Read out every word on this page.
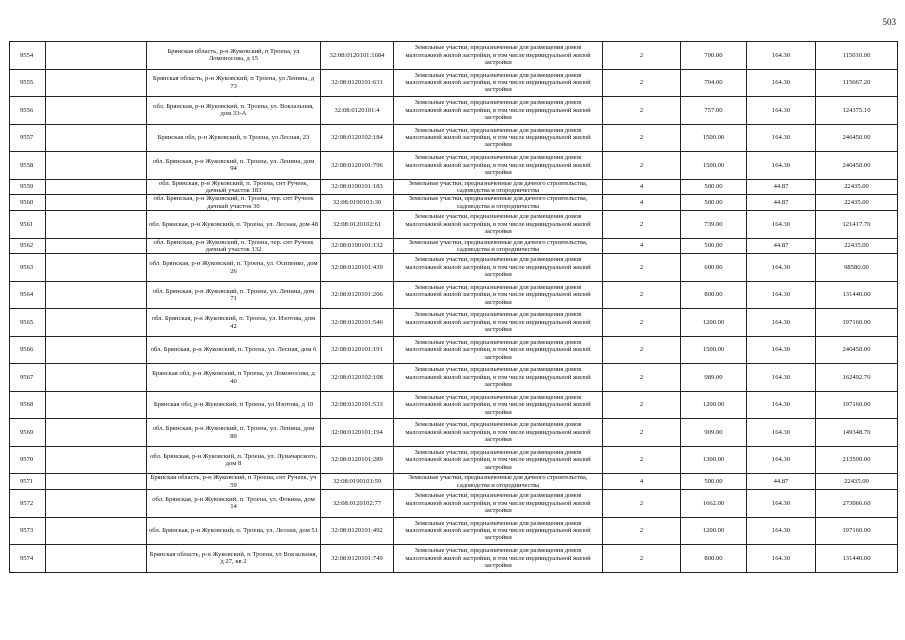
503
9554		Брянская область, р-н Жуковский, п Троена, ул Ломоносова, д 15	32:08:0120101:1684	Земельные участки, предназначенные для размещения домов малоэтажной жилой застройки, в том числе индивидуальной жилой застройки	2	700.00	164.30	115010.00
9555		Брянская область, р-н Жуковский, п Троена, ул Ленина, д 73	32:08:0120101:631	Земельные участки, предназначенные для размещения домов малоэтажной жилой застройки, в том числе индивидуальной жилой застройки	2	704.00	164.30	115667.20
9556		обл. Брянская, р-н Жуковский, п. Троена, ул. Вокзальная, дом 33-А	32:08:0120101:4	Земельные участки, предназначенные для размещения домов малоэтажной жилой застройки, в том числе индивидуальной жилой застройки	2	757.00	164.30	124375.10
9557		Брянская обл, р-н Жуковский, п Троена, ул Лесная, 23	32:08:0120102:184	Земельные участки, предназначенные для размещения домов малоэтажной жилой застройки, в том числе индивидуальной жилой застройки	2	1500.00	164.30	246450.00
9558		обл. Брянская, р-н Жуковский, п. Троена, ул. Ленина, дом 94	32:08:0120101:796	Земельные участки, предназначенные для размещения домов малоэтажной жилой застройки, в том числе индивидуальной жилой застройки	2	1500.00	164.30	246450.00
9559		обл. Брянская, р-н Жуковский, п. Троена, снт Ручеек, дачный участок 183	32:08:0190101:183	Земельные участки, предназначенные для дачного строительства, садоводства и огородничества	4	500.00	44.87	22435.00
9560		обл. Брянская, р-н Жуковский, п. Троена, тер. снт Ручеек дачный участок 30	32:08:0190101:30	Земельные участки, предназначенные для дачного строительства, садоводства и огородничества	4	500.00	44.87	22435.00
9561		обл. Брянская, р-н Жуковский, п. Троена, ул. Лесная, дом 48	32:08:0120102:61	Земельные участки, предназначенные для размещения домов малоэтажной жилой застройки, в том числе индивидуальной жилой застройки	2	739.00	164.30	121417.70
9562		обл. Брянская, р-н Жуковский, п. Троена, тер. снт Ручеек дачный участок 132	32:08:0190101:132	Земельные участки, предназначенные для дачного строительства, садоводства и огородничества	4	500.00	44.87	22435.00
9563		обл. Брянская, р-н Жуковский, п. Троена, ул. Осипенко, дом 26	32:08:0120101:439	Земельные участки, предназначенные для размещения домов малоэтажной жилой застройки, в том числе индивидуальной жилой застройки	2	600.00	164.30	98580.00
9564		обл. Брянская, р-н Жуковский, п. Троена, ул. Ленина, дом 71	32:08:0120101:206	Земельные участки, предназначенные для размещения домов малоэтажной жилой застройки, в том числе индивидуальной жилой застройки	2	800.00	164.30	131440.00
9565		обл. Брянская, р-н Жуковский, п. Троена, ул. Изотова, дом 42	32:08:0120101:546	Земельные участки, предназначенные для размещения домов малоэтажной жилой застройки, в том числе индивидуальной жилой застройки	2	1200.00	164.30	197160.00
9566		обл. Брянская, р-н Жуковский, п. Троена, ул. Лесная, дом 6	32:08:0120101:191	Земельные участки, предназначенные для размещения домов малоэтажной жилой застройки, в том числе индивидуальной жилой застройки	2	1500.00	164.30	246450.00
9567		Брянская обл, р-н Жуковский, п Троена, ул Ломоносова, д 40	32:08:0120102:108	Земельные участки, предназначенные для размещения домов малоэтажной жилой застройки, в том числе индивидуальной жилой застройки	2	989.00	164.30	162492.70
9568		Брянская обл, р-н Жуковский, п Троена, ул Изотова, д 10	32:08:0120101:533	Земельные участки, предназначенные для размещения домов малоэтажной жилой застройки, в том числе индивидуальной жилой застройки	2	1200.00	164.30	197160.00
9569		обл. Брянская, р-н Жуковский, п. Троена, ул. Ленина, дом 89	32:08:0120101:194	Земельные участки, предназначенные для размещения домов малоэтажной жилой застройки, в том числе индивидуальной жилой застройки	2	909.00	164.30	149348.70
9570		обл. Брянская, р-н Жуковский, п. Троена, ул. Луначарского, дом 8	32:08:0120101:289	Земельные участки, предназначенные для размещения домов малоэтажной жилой застройки, в том числе индивидуальной жилой застройки	2	1300.00	164.30	213590.00
9571		Брянская область, р-н Жуковский, п Троена, снт Ручеек, уч 59	32:08:0190101:59	Земельные участки, предназначенные для дачного строительства, садоводства и огородничества	4	500.00	44.87	22435.00
9572		обл. Брянская, р-н Жуковский, п. Троена, ул. Фокина, дом 14	32:08:0120102:77	Земельные участки, предназначенные для размещения домов малоэтажной жилой застройки, в том числе индивидуальной жилой застройки	2	1662.00	164.30	273066.60
9573		обл. Брянская, р-н Жуковский, п. Троена, ул. Лесная, дом 51	32:08:0120101:492	Земельные участки, предназначенные для размещения домов малоэтажной жилой застройки, в том числе индивидуальной жилой застройки	2	1200.00	164.30	197160.00
9574		Брянская область, р-н Жуковский, п Троена, ул Вокзальная, д 27, кв 2	32:08:0120101:749	Земельные участки, предназначенные для размещения домов малоэтажной жилой застройки, в том числе индивидуальной жилой застройки	2	800.00	164.30	131440.00
